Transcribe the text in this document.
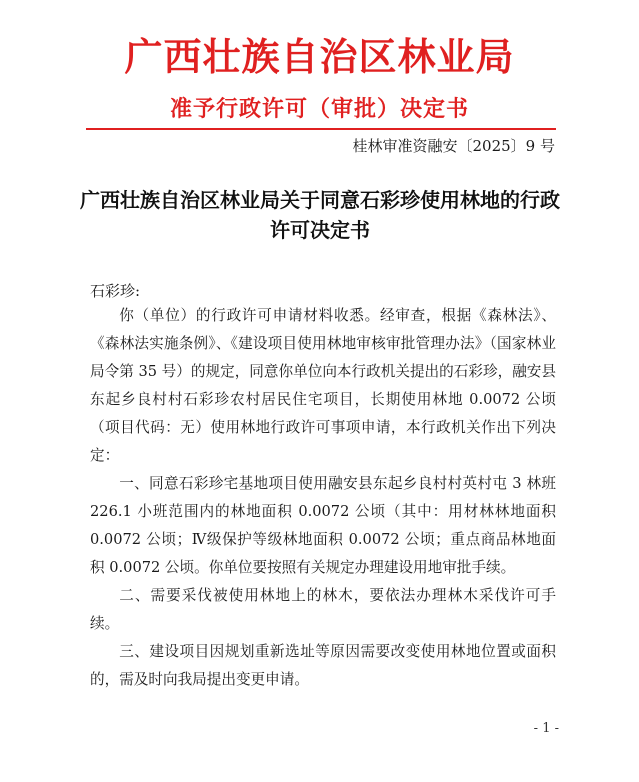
广西壮族自治区林业局
准予行政许可（审批）决定书
桂林审准资融安〔2025〕9 号
广西壮族自治区林业局关于同意石彩珍使用林地的行政许可决定书
石彩珍:

你（单位）的行政许可申请材料收悉。经审查，根据《森林法》、《森林法实施条例》、《建设项目使用林地审核审批管理办法》（国家林业局令第 35 号）的规定，同意你单位向本行政机关提出的石彩珍，融安县东起乡良村村石彩珍农村居民住宅项目，长期使用林地 0.0072 公顷（项目代码：无）使用林地行政许可事项申请，本行政机关作出下列决定：

一、同意石彩珍宅基地项目使用融安县东起乡良村村英村屯 3 林班 226.1 小班范围内的林地面积 0.0072 公顷（其中：用材林林地面积 0.0072 公顷；Ⅳ级保护等级林地面积 0.0072 公顷；重点商品林地面积 0.0072 公顷。你单位要按照有关规定办理建设用地审批手续。

二、需要采伐被使用林地上的林木，要依法办理林木采伐许可手续。

三、建设项目因规划重新选址等原因需要改变使用林地位置或面积的，需及时向我局提出变更申请。

- 1 -
